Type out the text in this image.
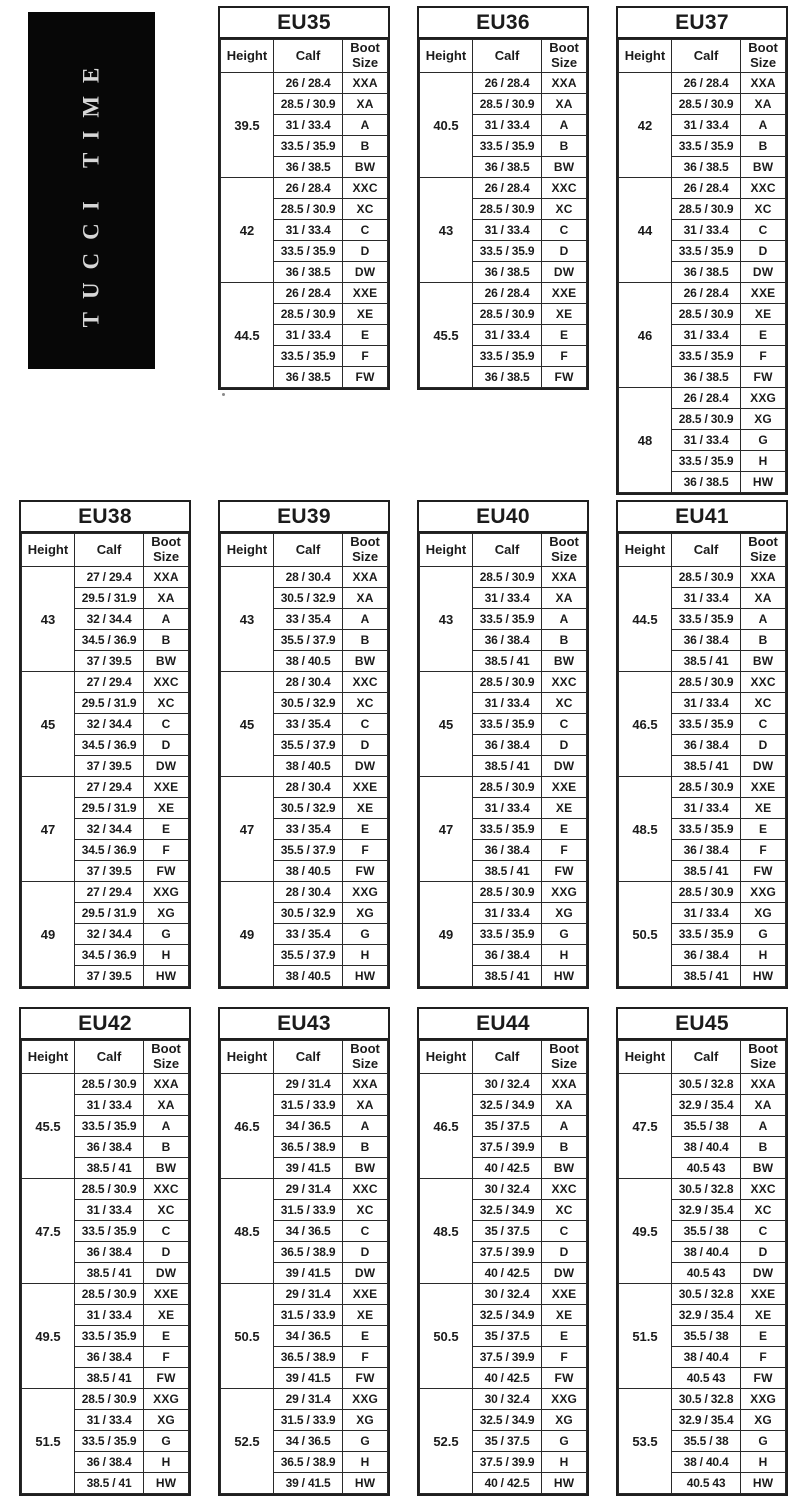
TUCCI TIME
EU35
Height	Calf	Boot Size
39.5	26 / 28.4	XXA
	28.5 / 30.9	XA
	31 / 33.4	A
	33.5 / 35.9	B
	36 / 38.5	BW
42	26 / 28.4	XXC
	28.5 / 30.9	XC
	31 / 33.4	C
	33.5 / 35.9	D
	36 / 38.5	DW
44.5	26 / 28.4	XXE
	28.5 / 30.9	XE
	31 / 33.4	E
	33.5 / 35.9	F
	36 / 38.5	FW
EU36
Height	Calf	Boot Size
40.5	26 / 28.4	XXA
	28.5 / 30.9	XA
	31 / 33.4	A
	33.5 / 35.9	B
	36 / 38.5	BW
43	26 / 28.4	XXC
	28.5 / 30.9	XC
	31 / 33.4	C
	33.5 / 35.9	D
	36 / 38.5	DW
45.5	26 / 28.4	XXE
	28.5 / 30.9	XE
	31 / 33.4	E
	33.5 / 35.9	F
	36 / 38.5	FW
EU37
Height	Calf	Boot Size
42	26 / 28.4	XXA
	28.5 / 30.9	XA
	31 / 33.4	A
	33.5 / 35.9	B
	36 / 38.5	BW
44	26 / 28.4	XXC
	28.5 / 30.9	XC
	31 / 33.4	C
	33.5 / 35.9	D
	36 / 38.5	DW
46	26 / 28.4	XXE
	28.5 / 30.9	XE
	31 / 33.4	E
	33.5 / 35.9	F
	36 / 38.5	FW
48	26 / 28.4	XXG
	28.5 / 30.9	XG
	31 / 33.4	G
	33.5 / 35.9	H
	36 / 38.5	HW
EU38
Height	Calf	Boot Size
43	27 / 29.4	XXA
	29.5 / 31.9	XA
	32 / 34.4	A
	34.5 / 36.9	B
	37 / 39.5	BW
45	27 / 29.4	XXC
	29.5 / 31.9	XC
	32 / 34.4	C
	34.5 / 36.9	D
	37 / 39.5	DW
47	27 / 29.4	XXE
	29.5 / 31.9	XE
	32 / 34.4	E
	34.5 / 36.9	F
	37 / 39.5	FW
49	27 / 29.4	XXG
	29.5 / 31.9	XG
	32 / 34.4	G
	34.5 / 36.9	H
	37 / 39.5	HW
EU39
Height	Calf	Boot Size
43	28 / 30.4	XXA
	30.5 / 32.9	XA
	33 / 35.4	A
	35.5 / 37.9	B
	38 / 40.5	BW
45	28 / 30.4	XXC
	30.5 / 32.9	XC
	33 / 35.4	C
	35.5 / 37.9	D
	38 / 40.5	DW
47	28 / 30.4	XXE
	30.5 / 32.9	XE
	33 / 35.4	E
	35.5 / 37.9	F
	38 / 40.5	FW
49	28 / 30.4	XXG
	30.5 / 32.9	XG
	33 / 35.4	G
	35.5 / 37.9	H
	38 / 40.5	HW
EU40
Height	Calf	Boot Size
43	28.5 / 30.9	XXA
	31 / 33.4	XA
	33.5 / 35.9	A
	36 / 38.4	B
	38.5 / 41	BW
45	28.5 / 30.9	XXC
	31 / 33.4	XC
	33.5 / 35.9	C
	36 / 38.4	D
	38.5 / 41	DW
47	28.5 / 30.9	XXE
	31 / 33.4	XE
	33.5 / 35.9	E
	36 / 38.4	F
	38.5 / 41	FW
49	28.5 / 30.9	XXG
	31 / 33.4	XG
	33.5 / 35.9	G
	36 / 38.4	H
	38.5 / 41	HW
EU41
Height	Calf	Boot Size
44.5	28.5 / 30.9	XXA
	31 / 33.4	XA
	33.5 / 35.9	A
	36 / 38.4	B
	38.5 / 41	BW
46.5	28.5 / 30.9	XXC
	31 / 33.4	XC
	33.5 / 35.9	C
	36 / 38.4	D
	38.5 / 41	DW
48.5	28.5 / 30.9	XXE
	31 / 33.4	XE
	33.5 / 35.9	E
	36 / 38.4	F
	38.5 / 41	FW
50.5	28.5 / 30.9	XXG
	31 / 33.4	XG
	33.5 / 35.9	G
	36 / 38.4	H
	38.5 / 41	HW
EU42
Height	Calf	Boot Size
45.5	28.5 / 30.9	XXA
	31 / 33.4	XA
	33.5 / 35.9	A
	36 / 38.4	B
	38.5 / 41	BW
47.5	28.5 / 30.9	XXC
	31 / 33.4	XC
	33.5 / 35.9	C
	36 / 38.4	D
	38.5 / 41	DW
49.5	28.5 / 30.9	XXE
	31 / 33.4	XE
	33.5 / 35.9	E
	36 / 38.4	F
	38.5 / 41	FW
51.5	28.5 / 30.9	XXG
	31 / 33.4	XG
	33.5 / 35.9	G
	36 / 38.4	H
	38.5 / 41	HW
EU43
Height	Calf	Boot Size
46.5	29 / 31.4	XXA
	31.5 / 33.9	XA
	34 / 36.5	A
	36.5 / 38.9	B
	39 / 41.5	BW
48.5	29 / 31.4	XXC
	31.5 / 33.9	XC
	34 / 36.5	C
	36.5 / 38.9	D
	39 / 41.5	DW
50.5	29 / 31.4	XXE
	31.5 / 33.9	XE
	34 / 36.5	E
	36.5 / 38.9	F
	39 / 41.5	FW
52.5	29 / 31.4	XXG
	31.5 / 33.9	XG
	34 / 36.5	G
	36.5 / 38.9	H
	39 / 41.5	HW
EU44
Height	Calf	Boot Size
46.5	30 / 32.4	XXA
	32.5 / 34.9	XA
	35 / 37.5	A
	37.5 / 39.9	B
	40 / 42.5	BW
48.5	30 / 32.4	XXC
	32.5 / 34.9	XC
	35 / 37.5	C
	37.5 / 39.9	D
	40 / 42.5	DW
50.5	30 / 32.4	XXE
	32.5 / 34.9	XE
	35 / 37.5	E
	37.5 / 39.9	F
	40 / 42.5	FW
52.5	30 / 32.4	XXG
	32.5 / 34.9	XG
	35 / 37.5	G
	37.5 / 39.9	H
	40 / 42.5	HW
EU45
Height	Calf	Boot Size
47.5	30.5 / 32.8	XXA
	32.9 / 35.4	XA
	35.5 / 38	A
	38 / 40.4	B
	40.5 43	BW
49.5	30.5 / 32.8	XXC
	32.9 / 35.4	XC
	35.5 / 38	C
	38 / 40.4	D
	40.5 43	DW
51.5	30.5 / 32.8	XXE
	32.9 / 35.4	XE
	35.5 / 38	E
	38 / 40.4	F
	40.5 43	FW
53.5	30.5 / 32.8	XXG
	32.9 / 35.4	XG
	35.5 / 38	G
	38 / 40.4	H
	40.5 43	HW
